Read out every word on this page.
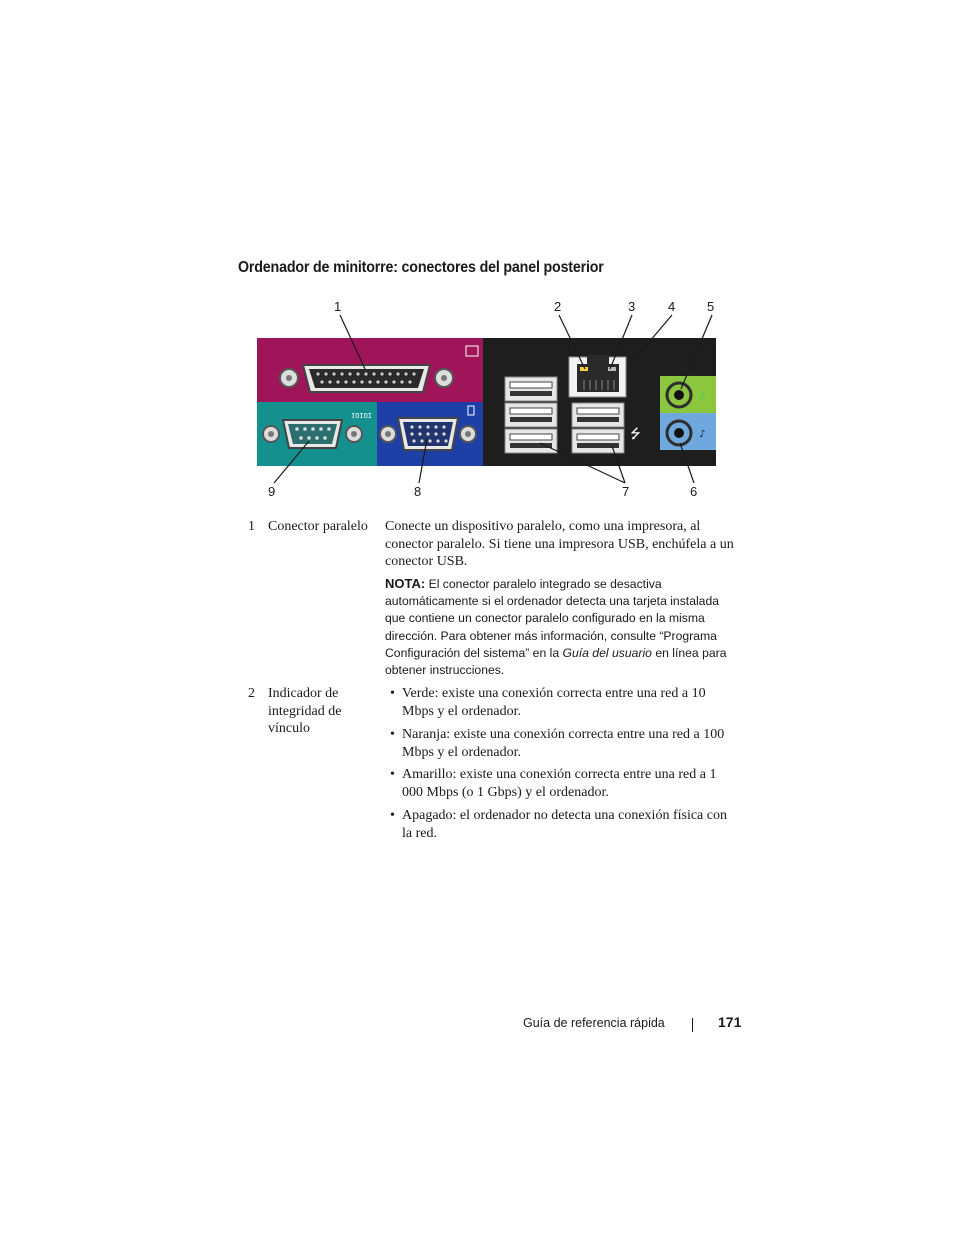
Ordenador de minitorre: conectores del panel posterior
IOIOI
⭍
♪
♪
1	2	3	4 5
9	8	7	6
1 Conector paralelo	Conecte un dispositivo paralelo, como una impresora, al conector paralelo. Si tiene una impresora USB, enchúfela a un conector USB.
NOTA: El conector paralelo integrado se desactiva automáticamente si el ordenador detecta una tarjeta instalada que contiene un conector paralelo configurado en la misma dirección. Para obtener más información, consulte “Programa Configuración del sistema” en la Guía del usuario en línea para obtener instrucciones.
2 Indicador de integridad de vínculo
• Verde: existe una conexión correcta entre una red a 10 Mbps y el ordenador.
• Naranja: existe una conexión correcta entre una red a 100 Mbps y el ordenador.
• Amarillo: existe una conexión correcta entre una red a 1 000 Mbps (o 1 Gbps) y el ordenador.
• Apagado: el ordenador no detecta una conexión física con la red.
Guía de referencia rápida	171
